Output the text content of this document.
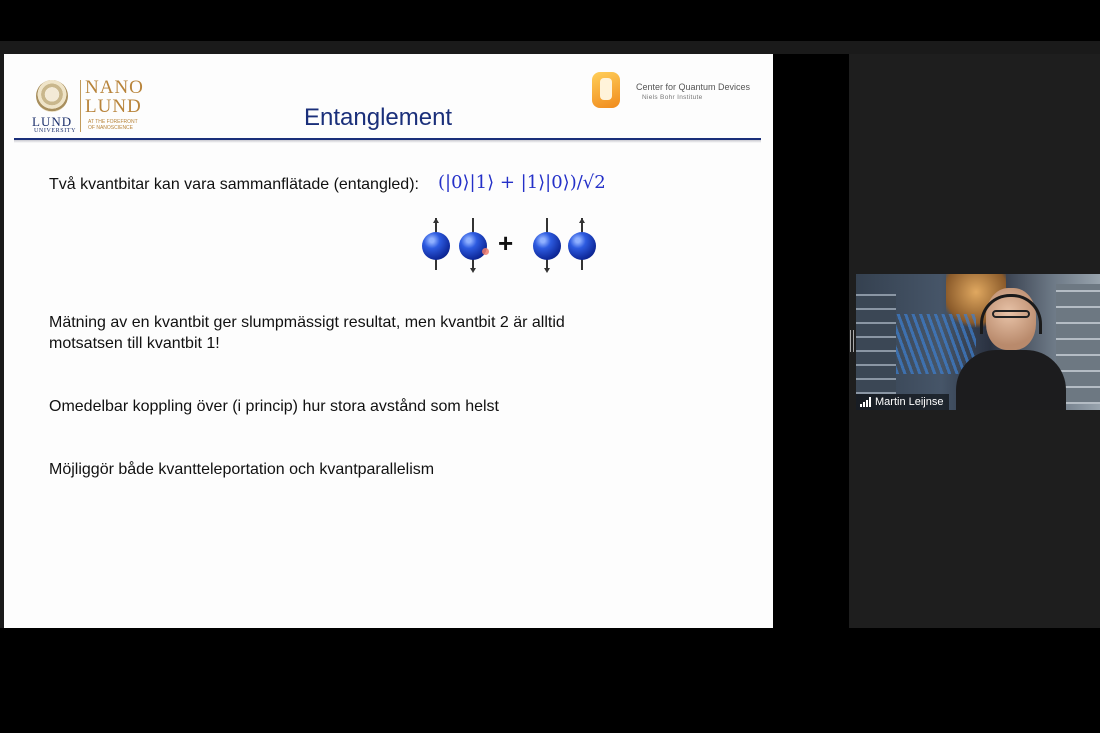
LUND
UNIVERSITY
NANO
LUND
AT THE FOREFRONT
OF NANOSCIENCE	Entanglement
Center for Quantum Devices
Niels Bohr Institute
Två kvantbitar kan vara sammanflätade (entangled): (|0⟩|1⟩ + |1⟩|0⟩)/√2
+
Mätning av en kvantbit ger slumpmässigt resultat, men kvantbit 2 är alltid
motsatsen till kvantbit 1!
Omedelbar koppling över (i princip) hur stora avstånd som helst
Möjliggör både kvantteleportation och kvantparallelism
Martin Leijnse
